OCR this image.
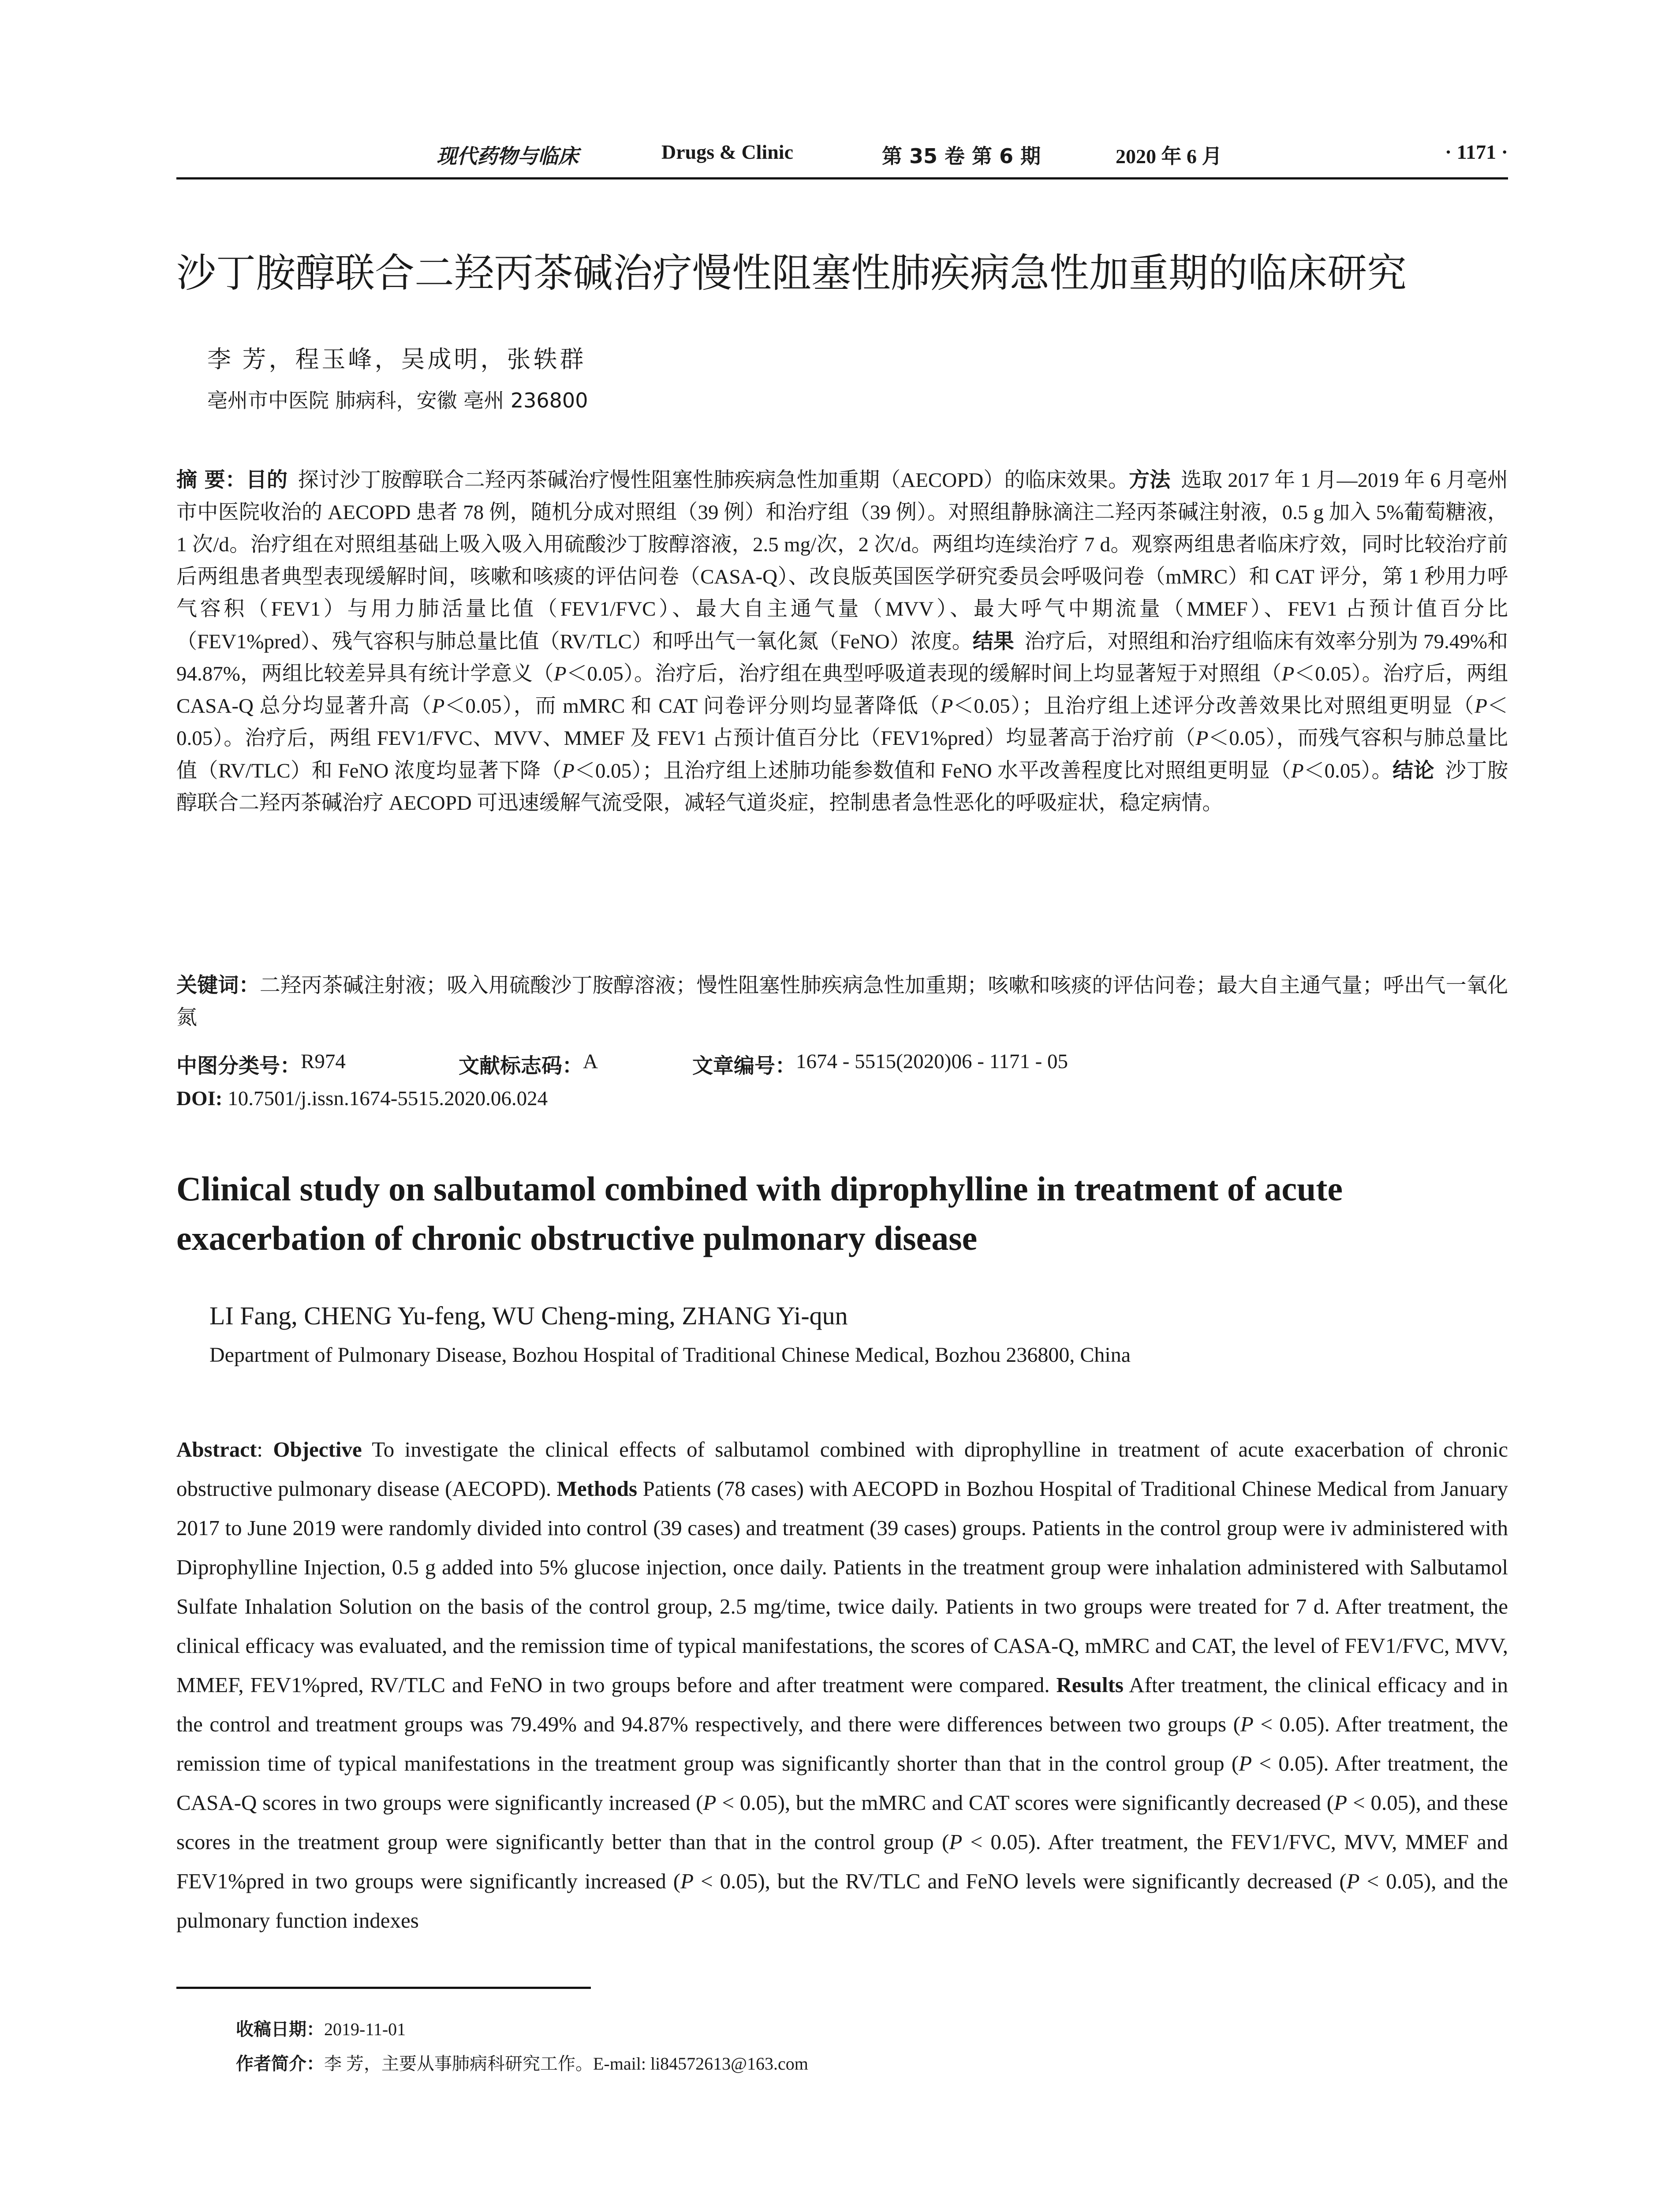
现代药物与临床	Drugs & Clinic	第 35 卷 第 6 期	2020 年 6 月	· 1171 ·
沙丁胺醇联合二羟丙茶碱治疗慢性阻塞性肺疾病急性加重期的临床研究
李 芳，程玉峰，吴成明，张轶群
亳州市中医院 肺病科，安徽 亳州 236800
摘 要：目的 探讨沙丁胺醇联合二羟丙茶碱治疗慢性阻塞性肺疾病急性加重期（AECOPD）的临床效果。方法 选取 2017 年 1 月—2019 年 6 月亳州市中医院收治的 AECOPD 患者 78 例，随机分成对照组（39 例）和治疗组（39 例）。对照组静脉滴注二羟丙茶碱注射液，0.5 g 加入 5%葡萄糖液，1 次/d。治疗组在对照组基础上吸入吸入用硫酸沙丁胺醇溶液，2.5 mg/次，2 次/d。两组均连续治疗 7 d。观察两组患者临床疗效，同时比较治疗前后两组患者典型表现缓解时间，咳嗽和咳痰的评估问卷（CASA-Q）、改良版英国医学研究委员会呼吸问卷（mMRC）和 CAT 评分，第 1 秒用力呼气容积（FEV1）与用力肺活量比值（FEV1/FVC）、最大自主通气量（MVV）、最大呼气中期流量（MMEF）、FEV1 占预计值百分比（FEV1%pred）、残气容积与肺总量比值（RV/TLC）和呼出气一氧化氮（FeNO）浓度。结果 治疗后，对照组和治疗组临床有效率分别为 79.49%和 94.87%，两组比较差异具有统计学意义（P＜0.05）。治疗后，治疗组在典型呼吸道表现的缓解时间上均显著短于对照组（P＜0.05）。治疗后，两组 CASA-Q 总分均显著升高（P＜0.05），而 mMRC 和 CAT 问卷评分则均显著降低（P＜0.05）；且治疗组上述评分改善效果比对照组更明显（P＜0.05）。治疗后，两组 FEV1/FVC、MVV、MMEF 及 FEV1 占预计值百分比（FEV1%pred）均显著高于治疗前（P＜0.05），而残气容积与肺总量比值（RV/TLC）和 FeNO 浓度均显著下降（P＜0.05）；且治疗组上述肺功能参数值和 FeNO 水平改善程度比对照组更明显（P＜0.05）。结论 沙丁胺醇联合二羟丙茶碱治疗 AECOPD 可迅速缓解气流受限，减轻气道炎症，控制患者急性恶化的呼吸症状，稳定病情。
关键词：二羟丙茶碱注射液；吸入用硫酸沙丁胺醇溶液；慢性阻塞性肺疾病急性加重期；咳嗽和咳痰的评估问卷；最大自主通气量；呼出气一氧化氮
中图分类号： R974	文献标志码： A	文章编号： 1674 - 5515(2020)06 - 1171 - 05
DOI: 10.7501/j.issn.1674-5515.2020.06.024
Clinical study on salbutamol combined with diprophylline in treatment of acute exacerbation of chronic obstructive pulmonary disease
LI Fang, CHENG Yu-feng, WU Cheng-ming, ZHANG Yi-qun
Department of Pulmonary Disease, Bozhou Hospital of Traditional Chinese Medical, Bozhou 236800, China
Abstract: Objective To investigate the clinical effects of salbutamol combined with diprophylline in treatment of acute exacerbation of chronic obstructive pulmonary disease (AECOPD). Methods Patients (78 cases) with AECOPD in Bozhou Hospital of Traditional Chinese Medical from January 2017 to June 2019 were randomly divided into control (39 cases) and treatment (39 cases) groups. Patients in the control group were iv administered with Diprophylline Injection, 0.5 g added into 5% glucose injection, once daily. Patients in the treatment group were inhalation administered with Salbutamol Sulfate Inhalation Solution on the basis of the control group, 2.5 mg/time, twice daily. Patients in two groups were treated for 7 d. After treatment, the clinical efficacy was evaluated, and the remission time of typical manifestations, the scores of CASA-Q, mMRC and CAT, the level of FEV1/FVC, MVV, MMEF, FEV1%pred, RV/TLC and FeNO in two groups before and after treatment were compared. Results After treatment, the clinical efficacy and in the control and treatment groups was 79.49% and 94.87% respectively, and there were differences between two groups (P < 0.05). After treatment, the remission time of typical manifestations in the treatment group was significantly shorter than that in the control group (P < 0.05). After treatment, the CASA-Q scores in two groups were significantly increased (P < 0.05), but the mMRC and CAT scores were significantly decreased (P < 0.05), and these scores in the treatment group were significantly better than that in the control group (P < 0.05). After treatment, the FEV1/FVC, MVV, MMEF and FEV1%pred in two groups were significantly increased (P < 0.05), but the RV/TLC and FeNO levels were significantly decreased (P < 0.05), and the pulmonary function indexes
收稿日期：2019-11-01
作者简介：李 芳，主要从事肺病科研究工作。E-mail: li84572613@163.com
